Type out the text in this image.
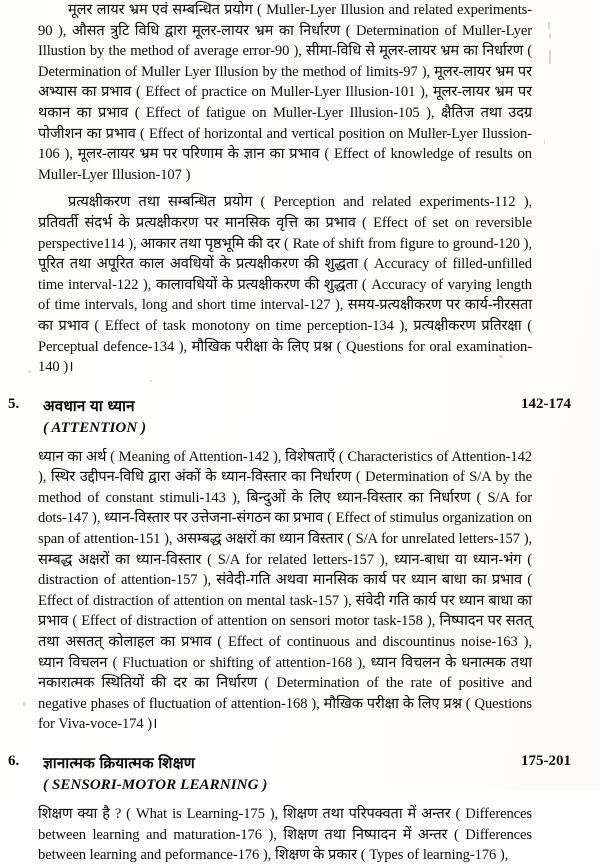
मूलर लायर भ्रम एवं सम्बन्धित प्रयोग ( Muller-Lyer Illusion and related experiments-90 ), औसत त्रुटि विधि द्वारा मूलर-लायर भ्रम का निर्धारण ( Determination of Muller-Lyer Illustion by the method of average error-90 ), सीमा-विधि से मूलर-लायर भ्रम का निर्धारण ( Determination of Muller Lyer Illusion by the method of limits-97 ), मूलर-लायर भ्रम पर अभ्यास का प्रभाव ( Effect of practice on Muller-Lyer Illusion-101 ), मूलर-लायर भ्रम पर थकान का प्रभाव ( Effect of fatigue on Muller-Lyer Illusion-105 ), क्षैतिज तथा उदग्र पोजीशन का प्रभाव ( Effect of horizontal and vertical position on Muller-Lyer Ilussion-106 ), मूलर-लायर भ्रम पर परिणाम के ज्ञान का प्रभाव ( Effect of knowledge of results on Muller-Lyer Illusion-107 )

प्रत्यक्षीकरण तथा सम्बन्धित प्रयोग ( Perception and related experiments-112 ), प्रतिवर्ती संदर्भ के प्रत्यक्षीकरण पर मानसिक वृत्ति का प्रभाव ( Effect of set on reversible perspective114 ), आकार तथा पृष्ठभूमि की दर ( Rate of shift from figure to ground-120 ), पूरित तथा अपूरित काल अवधियों के प्रत्यक्षीकरण की शुद्धता ( Accuracy of filled-unfilled time interval-122 ), कालावधियों के प्रत्यक्षीकरण की शुद्धता ( Accuracy of varying length of time intervals, long and short time interval-127 ), समय-प्रत्यक्षीकरण पर कार्य-नीरसता का प्रभाव ( Effect of task monotony on time perception-134 ), प्रत्यक्षीकरण प्रतिरक्षा ( Perceptual defence-134 ), मौखिक परीक्षा के लिए प्रश्न ( Questions for oral examination-140 )।

5.	अवधान या ध्यान
( ATTENTION )
142-174

ध्यान का अर्थ ( Meaning of Attention-142 ), विशेषताएँ ( Characteristics of Attention-142 ), स्थिर उद्दीपन-विधि द्वारा अंकों के ध्यान-विस्तार का निर्धारण ( Determination of S/A by the method of constant stimuli-143 ), बिन्दुओं के लिए ध्यान-विस्तार का निर्धारण ( S/A for dots-147 ), ध्यान-विस्तार पर उत्तेजना-संगठन का प्रभाव ( Effect of stimulus organization on span of attention-151 ), असम्बद्ध अक्षरों का ध्यान विस्तार ( S/A for unrelated letters-157 ), सम्बद्ध अक्षरों का ध्यान-विस्तार ( S/A for related letters-157 ), ध्यान-बाधा या ध्यान-भंग ( distraction of attention-157 ), संवेदी-गति अथवा मानसिक कार्य पर ध्यान बाधा का प्रभाव ( Effect of distraction of attention on mental task-157 ), संवेदी गति कार्य पर ध्यान बाधा का प्रभाव ( Effect of distraction of attention on sensori motor task-158 ), निष्पादन पर सतत् तथा असतत् कोलाहल का प्रभाव ( Effect of continuous and discountinus noise-163 ), ध्यान विचलन ( Fluctuation or shifting of attention-168 ), ध्यान विचलन के धनात्मक तथा नकारात्मक स्थितियों की दर का निर्धारण ( Determination of the rate of positive and negative phases of fluctuation of attention-168 ), मौखिक परीक्षा के लिए प्रश्न ( Questions for Viva-voce-174 )।

6.	ज्ञानात्मक क्रियात्मक शिक्षण
( SENSORI-MOTOR LEARNING )
175-201

शिक्षण क्या है ? ( What is Learning-175 ), शिक्षण तथा परिपक्वता में अन्तर ( Differences between learning and maturation-176 ), शिक्षण तथा निष्पादन में अन्तर ( Differences between learning and peformance-176 ), शिक्षण के प्रकार ( Types of learning-176 ),
